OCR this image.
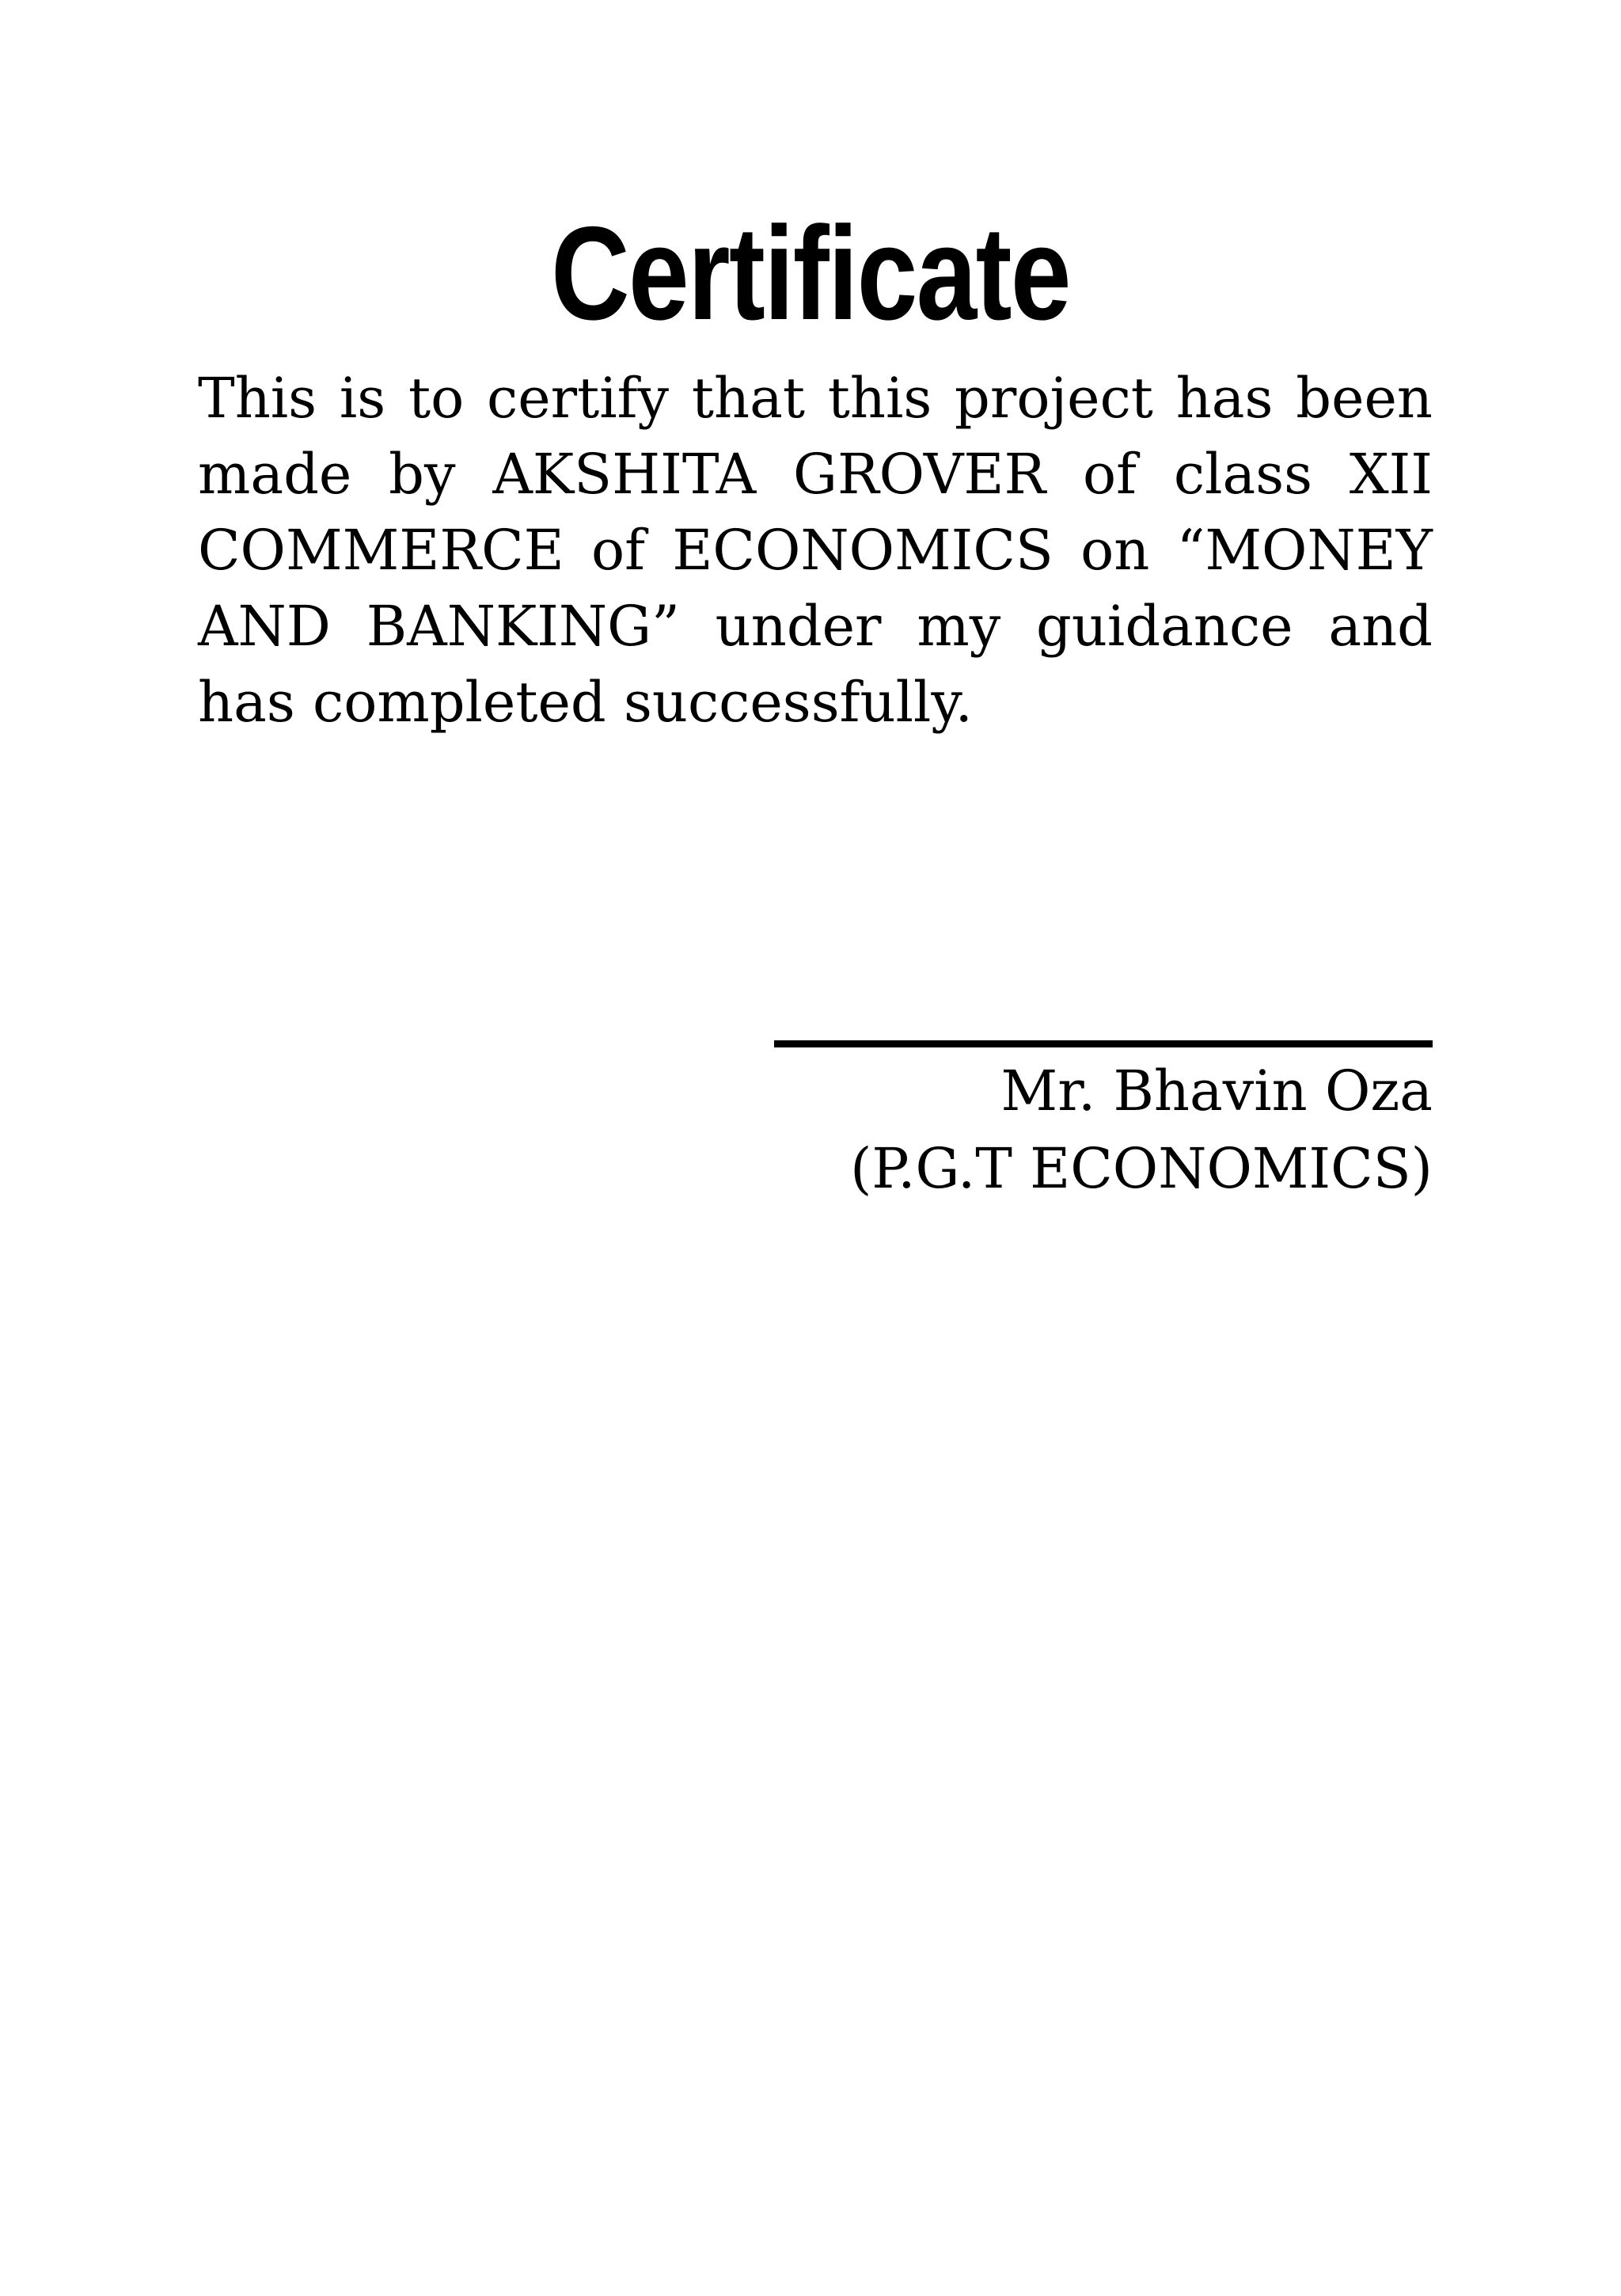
Certificate

This is to certify that this project has been made by AKSHITA GROVER of class XII COMMERCE of ECONOMICS on “MONEY AND BANKING” under my guidance and has completed successfully.

Mr. Bhavin Oza
(P.G.T ECONOMICS)
